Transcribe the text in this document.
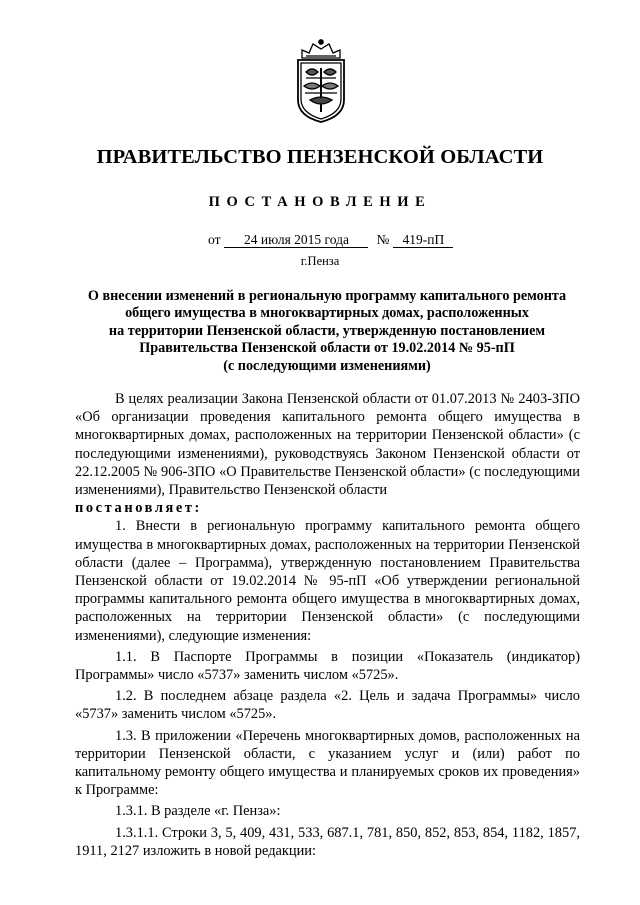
ПРАВИТЕЛЬСТВО ПЕНЗЕНСКОЙ ОБЛАСТИ
ПОСТАНОВЛЕНИЕ
от 24 июля 2015 года № 419-пП
г.Пенза
О внесении изменений в региональную программу капитального ремонта
общего имущества в многоквартирных домах, расположенных
на территории Пензенской области, утвержденную постановлением
Правительства Пензенской области от 19.02.2014 № 95-пП
(с последующими изменениями)

В целях реализации Закона Пензенской области от 01.07.2013 № 2403-ЗПО «Об организации проведения капитального ремонта общего имущества в многоквартирных домах, расположенных на территории Пензенской области» (с последующими изменениями), руководствуясь Законом Пензенской области от 22.12.2005 № 906-ЗПО «О Правительстве Пензенской области» (с последующими изменениями), Правительство Пензенской области

постановляет:

1. Внести в региональную программу капитального ремонта общего имущества в многоквартирных домах, расположенных на территории Пензенской области (далее – Программа), утвержденную постановлением Правительства Пензенской области от 19.02.2014 № 95-пП «Об утверждении региональной программы капитального ремонта общего имущества в многоквартирных домах, расположенных на территории Пензенской области» (с последующими изменениями), следующие изменения:

1.1. В Паспорте Программы в позиции «Показатель (индикатор) Программы» число «5737» заменить числом «5725».

1.2. В последнем абзаце раздела «2. Цель и задача Программы» число «5737» заменить числом «5725».

1.3. В приложении «Перечень многоквартирных домов, расположенных на территории Пензенской области, с указанием услуг и (или) работ по капитальному ремонту общего имущества и планируемых сроков их проведения» к Программе:

1.3.1. В разделе «г. Пенза»:

1.3.1.1. Строки 3, 5, 409, 431, 533, 687.1, 781, 850, 852, 853, 854, 1182, 1857, 1911, 2127 изложить в новой редакции:
